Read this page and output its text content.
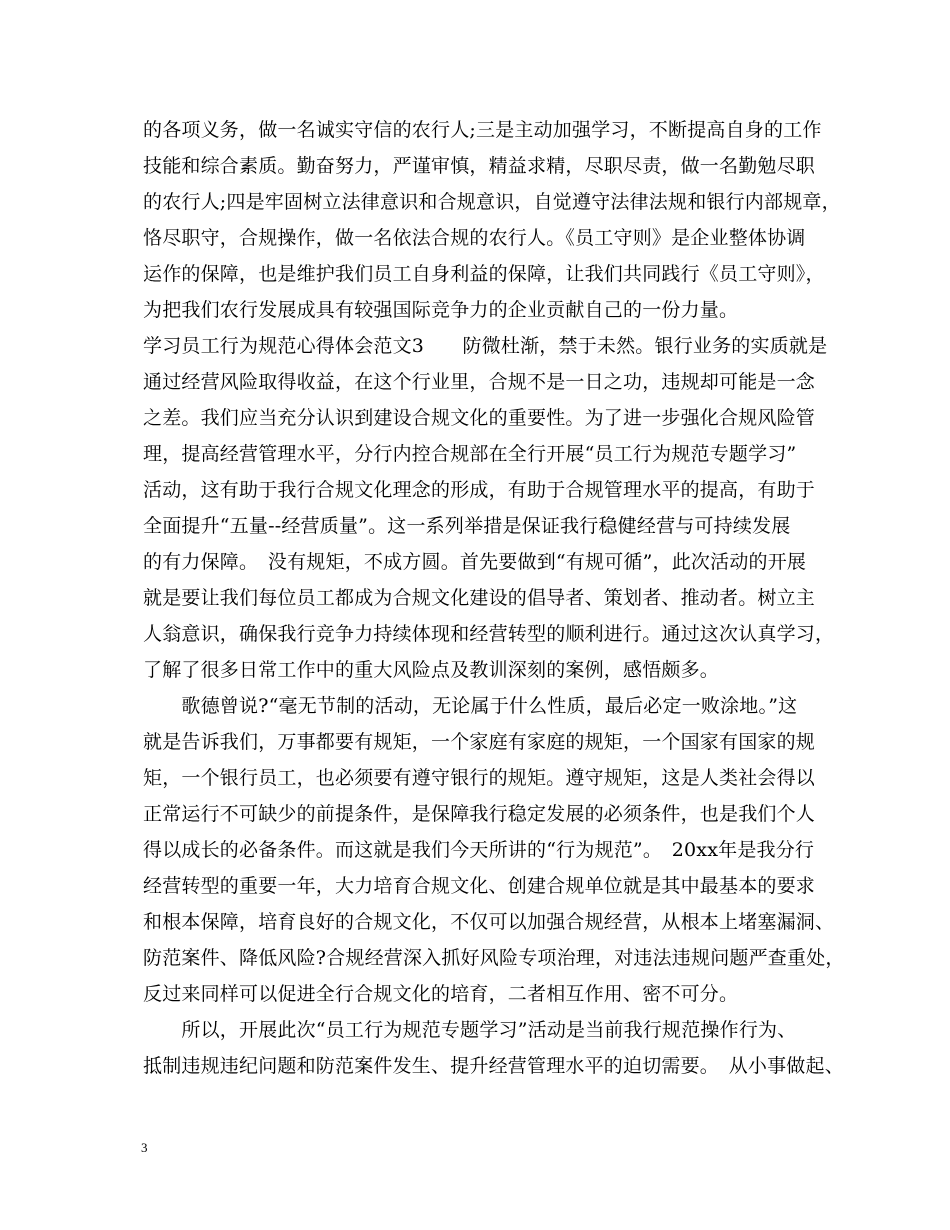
的各项义务，做一名诚实守信的农行人;三是主动加强学习，不断提高自身的工作
技能和综合素质。勤奋努力，严谨审慎，精益求精，尽职尽责，做一名勤勉尽职
的农行人;四是牢固树立法律意识和合规意识，自觉遵守法律法规和银行内部规章，
恪尽职守，合规操作，做一名依法合规的农行人。《员工守则》是企业整体协调
运作的保障，也是维护我们员工自身利益的保障，让我们共同践行《员工守则》，
为把我们农行发展成具有较强国际竞争力的企业贡献自己的一份力量。
学习员工行为规范心得体会范文3　　防微杜渐，禁于未然。银行业务的实质就是
通过经营风险取得收益，在这个行业里，合规不是一日之功，违规却可能是一念
之差。我们应当充分认识到建设合规文化的重要性。为了进一步强化合规风险管
理，提高经营管理水平，分行内控合规部在全行开展“员工行为规范专题学习”
活动，这有助于我行合规文化理念的形成，有助于合规管理水平的提高，有助于
全面提升“五量--经营质量”。这一系列举措是保证我行稳健经营与可持续发展
的有力保障。　没有规矩，不成方圆。首先要做到“有规可循”，此次活动的开展
就是要让我们每位员工都成为合规文化建设的倡导者、策划者、推动者。树立主
人翁意识，确保我行竞争力持续体现和经营转型的顺利进行。通过这次认真学习，
了解了很多日常工作中的重大风险点及教训深刻的案例，感悟颇多。
　　歌德曾说?“毫无节制的活动，无论属于什么性质，最后必定一败涂地。”这
就是告诉我们，万事都要有规矩，一个家庭有家庭的规矩，一个国家有国家的规
矩，一个银行员工，也必须要有遵守银行的规矩。遵守规矩，这是人类社会得以
正常运行不可缺少的前提条件，是保障我行稳定发展的必须条件，也是我们个人
得以成长的必备条件。而这就是我们今天所讲的“行为规范”。　20xx年是我分行
经营转型的重要一年，大力培育合规文化、创建合规单位就是其中最基本的要求
和根本保障，培育良好的合规文化，不仅可以加强合规经营，从根本上堵塞漏洞、
防范案件、降低风险?合规经营深入抓好风险专项治理，对违法违规问题严查重处，
反过来同样可以促进全行合规文化的培育，二者相互作用、密不可分。
　　所以，开展此次“员工行为规范专题学习”活动是当前我行规范操作行为、
抵制违规违纪问题和防范案件发生、提升经营管理水平的迫切需要。　从小事做起、
3
